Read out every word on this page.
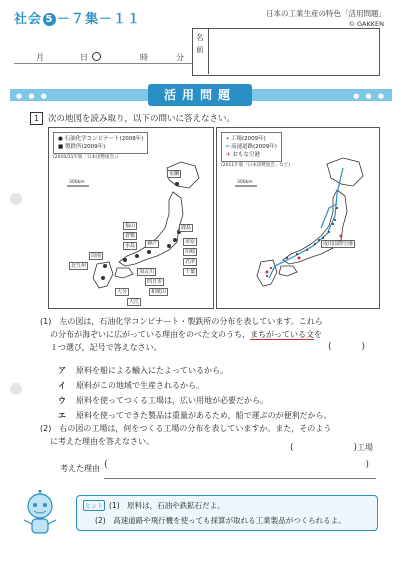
社会 5 －７集－１１	日本の工業生産の特色「活用問題」
© GAKKEN
月	日	時	分
名前
● ● ●	● ● ●
活用問題
1	次の地図を読み取り，以下の問いに答えなさい。
● 石油化学コンビナート(2008年)
■ 製鉄所(2009年)
(2010/11年版「日本国勢図会」)
300km
室蘭
鹿島
市原
川崎
君津
千葉
四日市
倉敷
福山
水島
和歌山
神戸
加古川
周南
北九州
大分
大江
• 工場(2009年)
━ 高速道路(2009年)
✈ おもな空港
(2011年版「日本国勢図会」など)
300km
成田国際空港
(1)　 左の図は，石油化学コンビナート・製鉄所の分布を表しています。これら
の分布が海ぞいに広がっている理由をのべた文のうち，まちがっている文を
１つ選び，記号で答えなさい。	(	)
ア 原料を船による輸入にたよっているから。
イ 原料がこの地域で生産されるから。
ウ 原料を使ってつくる工場は，広い用地が必要だから。
エ 原料を使ってできた製品は重量があるため，船で運ぶのが便利だから。
(2)　 右の図の工場は，何をつくる工場の分布を表していますか。また，そのよう
に考えた理由を答えなさい。
(	)工場
考えた理由 (	)
ヒント (1)　 原料は，石油や鉄鉱石だよ。
(2)　 高速道路や飛行機を使っても採算が取れる工業製品がつくられるよ。
